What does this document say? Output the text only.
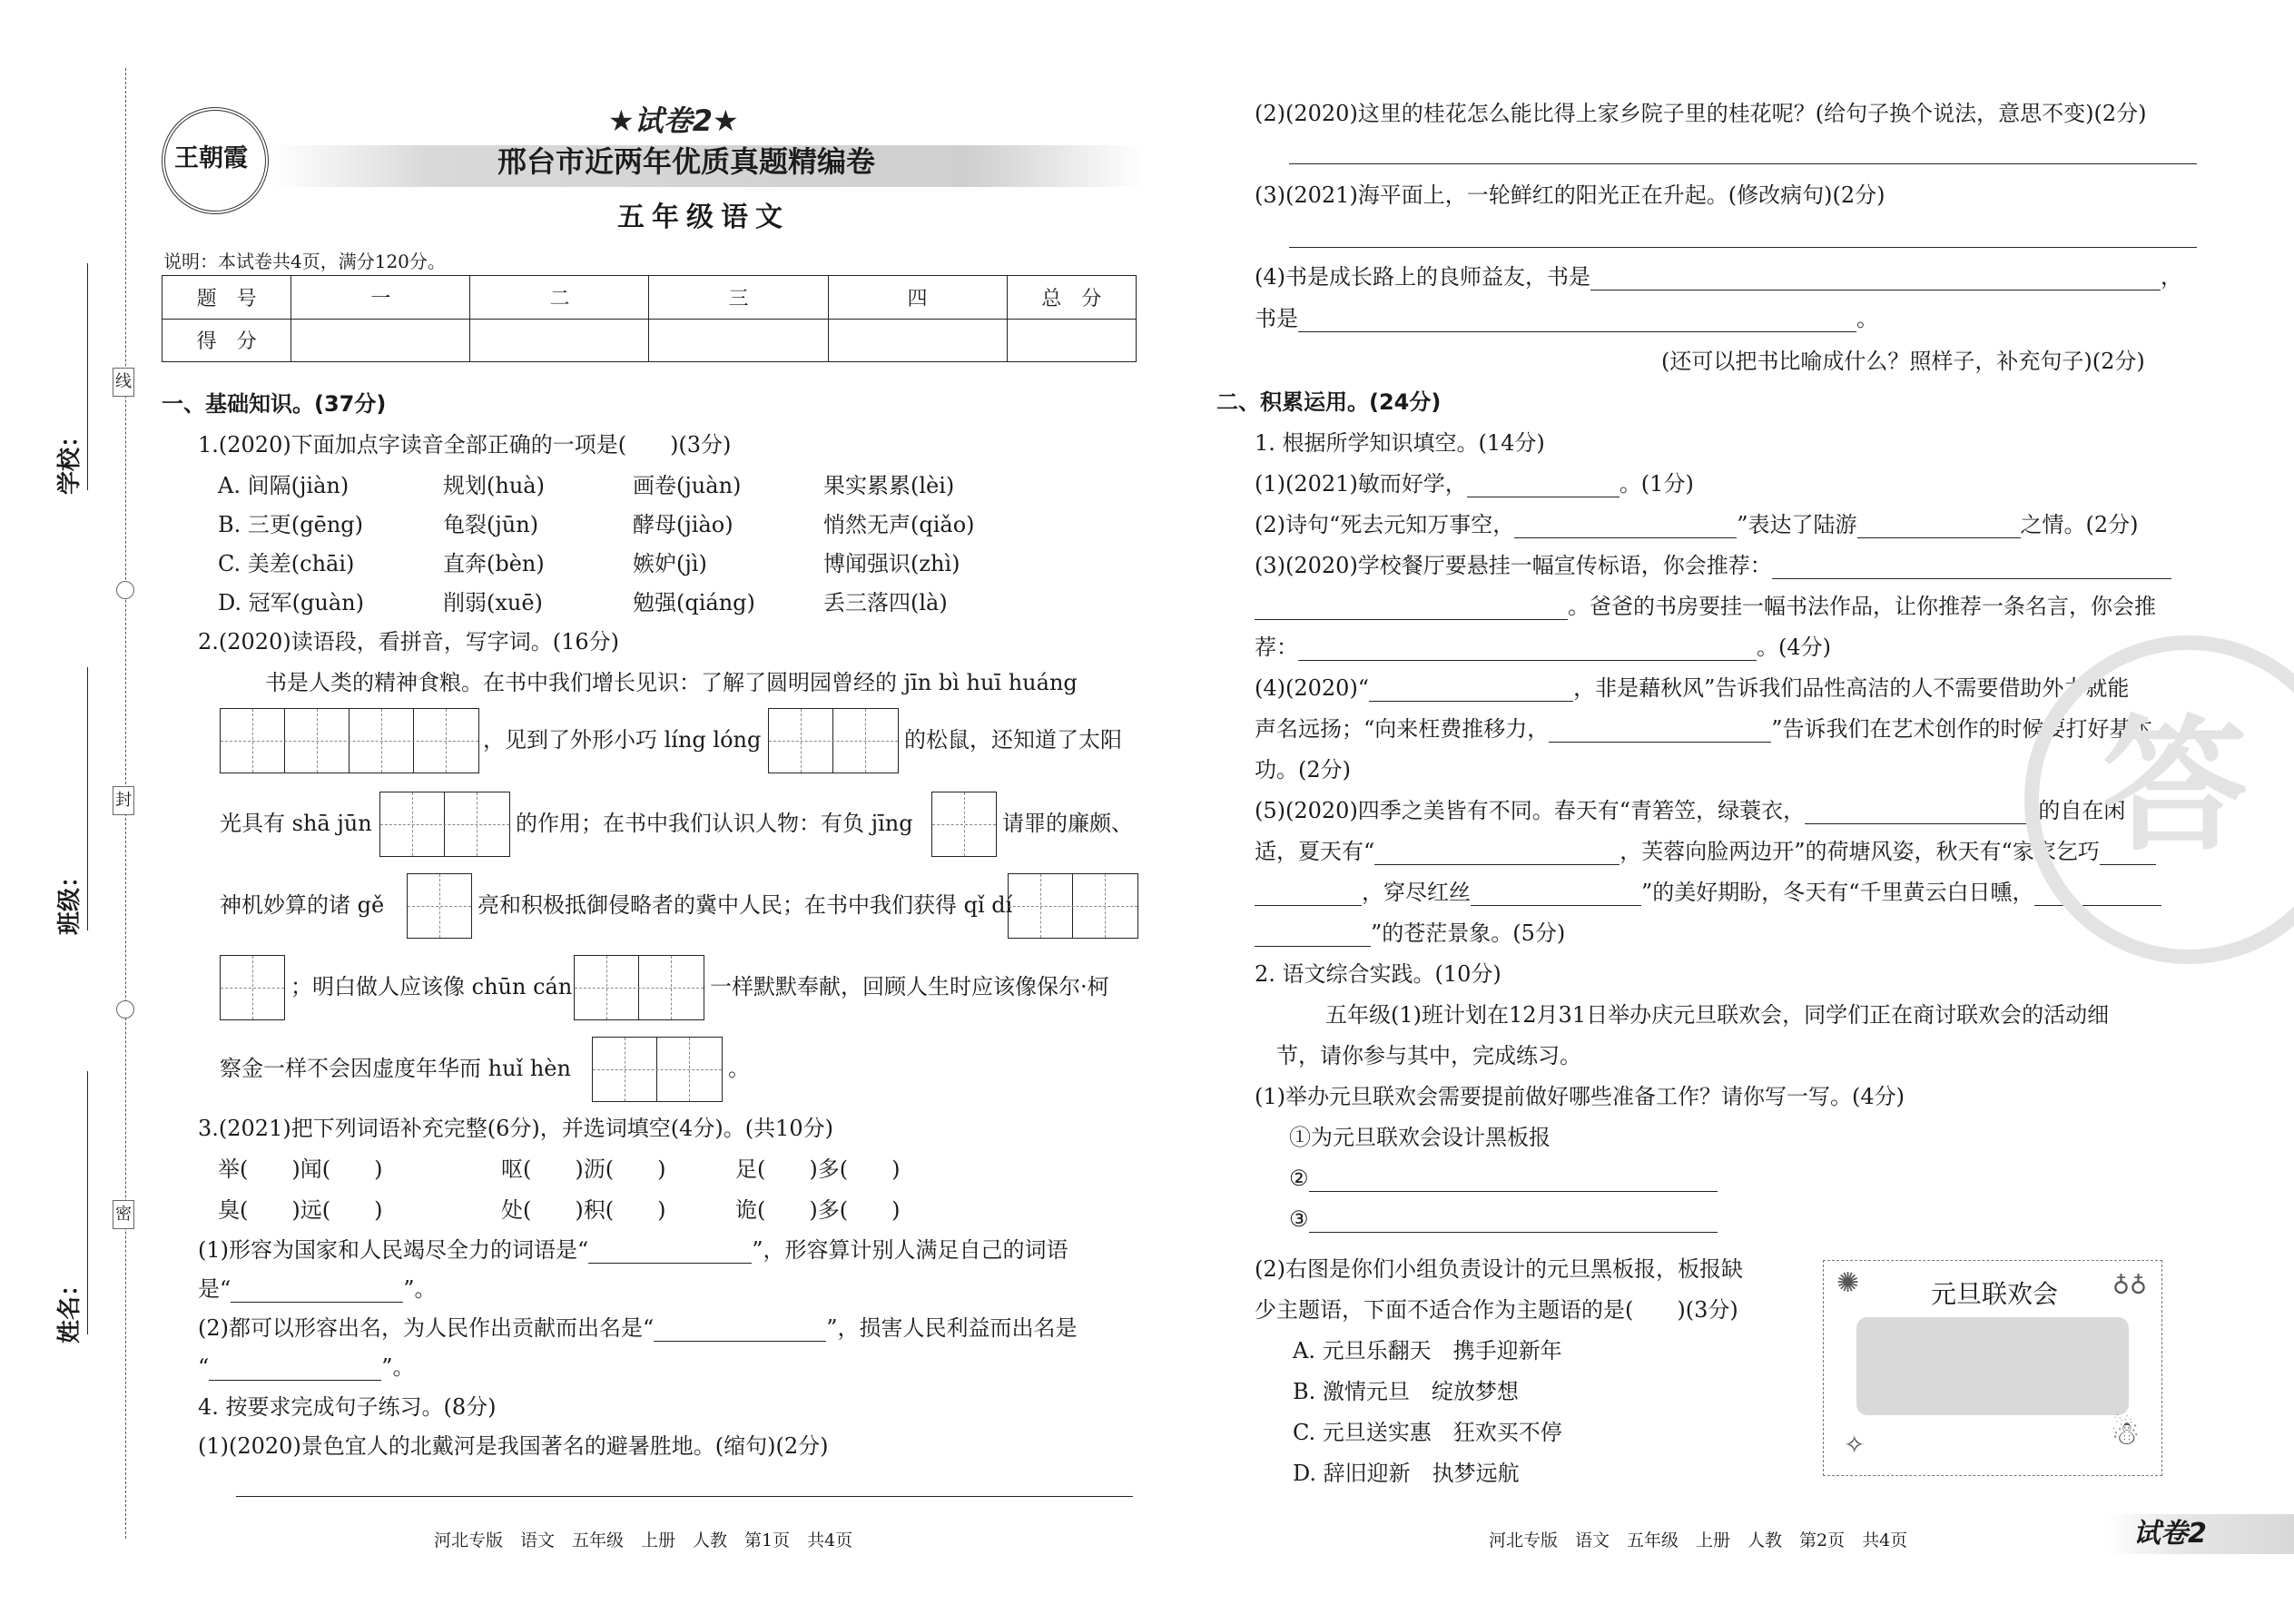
学校：
班级：
姓名：
线
封
密
王朝霞
★试卷2★
邢台市近两年优质真题精编卷
五年级语文
说明：本试卷共4页，满分120分。
题　号	一	二	三	四	总　分
得　分					
一、基础知识。(37分)
1.(2020)下面加点字读音全部正确的一项是(　　)(3分)
A. 间隔(jiàn)	规划(huà)	画卷(juàn)	果实累累(lèi)
B. 三更(gēng)	龟裂(jūn)	酵母(jiào)	悄然无声(qiǎo)
C. 美差(chāi)	直奔(bèn)	嫉妒(jì)	博闻强识(zhì)
D. 冠军(guàn)	削弱(xuē)	勉强(qiáng)	丢三落四(là)
2.(2020)读语段，看拼音，写字词。(16分)
书是人类的精神食粮。在书中我们增长见识：了解了圆明园曾经的 jīn bì huī huáng
，见到了外形小巧 líng lóng	的松鼠，还知道了太阳
光具有 shā jūn	的作用；在书中我们认识人物：有负 jīng	请罪的廉颇、
神机妙算的诸 gě	亮和积极抵御侵略者的冀中人民；在书中我们获得 qǐ dí
；明白做人应该像 chūn cán	一样默默奉献，回顾人生时应该像保尔·柯
察金一样不会因虚度年华而 huǐ hèn	。
3.(2021)把下列词语补充完整(6分)，并选词填空(4分)。(共10分)
举(　　)闻(　　)	呕(　　)沥(　　)	足(　　)多(　　)
臭(　　)远(　　)	处(　　)积(　　)	诡(　　)多(　　)
(1)形容为国家和人民竭尽全力的词语是“	”，形容算计别人满足自己的词语
是“	”。
(2)都可以形容出名，为人民作出贡献而出名是“	”，损害人民利益而出名是
“	”。
4. 按要求完成句子练习。(8分)
(1)(2020)景色宜人的北戴河是我国著名的避暑胜地。(缩句)(2分)
河北专版　语文　五年级　上册　人教　第1页　共4页
(2)(2020)这里的桂花怎么能比得上家乡院子里的桂花呢？(给句子换个说法，意思不变)(2分)
(3)(2021)海平面上，一轮鲜红的阳光正在升起。(修改病句)(2分)
(4)书是成长路上的良师益友，书是	，
书是	。
(还可以把书比喻成什么？照样子，补充句子)(2分)
二、积累运用。(24分)
1. 根据所学知识填空。(14分)
(1)(2021)敏而好学，	。(1分)
(2)诗句“死去元知万事空，	”表达了陆游	之情。(2分)
(3)(2020)学校餐厅要悬挂一幅宣传标语，你会推荐：
。爸爸的书房要挂一幅书法作品，让你推荐一条名言，你会推
荐：	。(4分)
(4)(2020)“	，非是藉秋风”告诉我们品性高洁的人不需要借助外力就能
声名远扬；“向来枉费推移力，	”告诉我们在艺术创作的时候要打好基本
功。(2分)
(5)(2020)四季之美皆有不同。春天有“青箬笠，绿蓑衣，	”的自在闲
适，夏天有“	，芙蓉向脸两边开”的荷塘风姿，秋天有“家家乞巧
，穿尽红丝	”的美好期盼，冬天有“千里黄云白日曛，
”的苍茫景象。(5分)
2. 语文综合实践。(10分)
五年级(1)班计划在12月31日举办庆元旦联欢会，同学们正在商讨联欢会的活动细
节，请你参与其中，完成练习。
(1)举办元旦联欢会需要提前做好哪些准备工作？请你写一写。(4分)
①为元旦联欢会设计黑板报
②
③
(2)右图是你们小组负责设计的元旦黑板报，板报缺
少主题语，下面不适合作为主题语的是(　　)(3分)
A. 元旦乐翻天　携手迎新年
B. 激情元旦　绽放梦想
C. 元旦送实惠　狂欢买不停
D. 辞旧迎新　执梦远航
元旦联欢会
✺	♁♁
☃
✧
答
河北专版　语文　五年级　上册　人教　第2页　共4页	试卷2
